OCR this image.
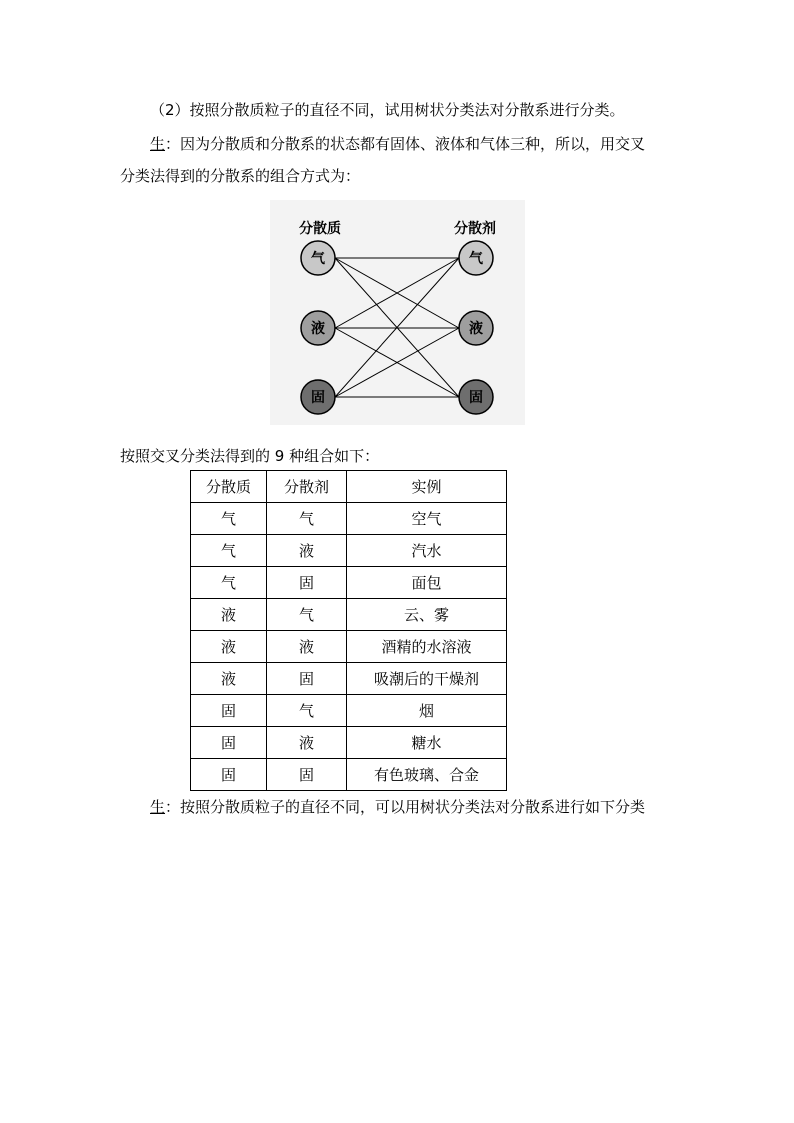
（2）按照分散质粒子的直径不同，试用树状分类法对分散系进行分类。
生：因为分散质和分散系的状态都有固体、液体和气体三种，所以，用交叉
分类法得到的分散系的组合方式为：
分散质	分散剂
气	气
液	液
固	固
按照交叉分类法得到的 9 种组合如下：
分散质	分散剂	实例
气	气	空气
气	液	汽水
气	固	面包
液	气	云、雾
液	液	酒精的水溶液
液	固	吸潮后的干燥剂
固	气	烟
固	液	糖水
固	固	有色玻璃、合金
生：按照分散质粒子的直径不同，可以用树状分类法对分散系进行如下分类
